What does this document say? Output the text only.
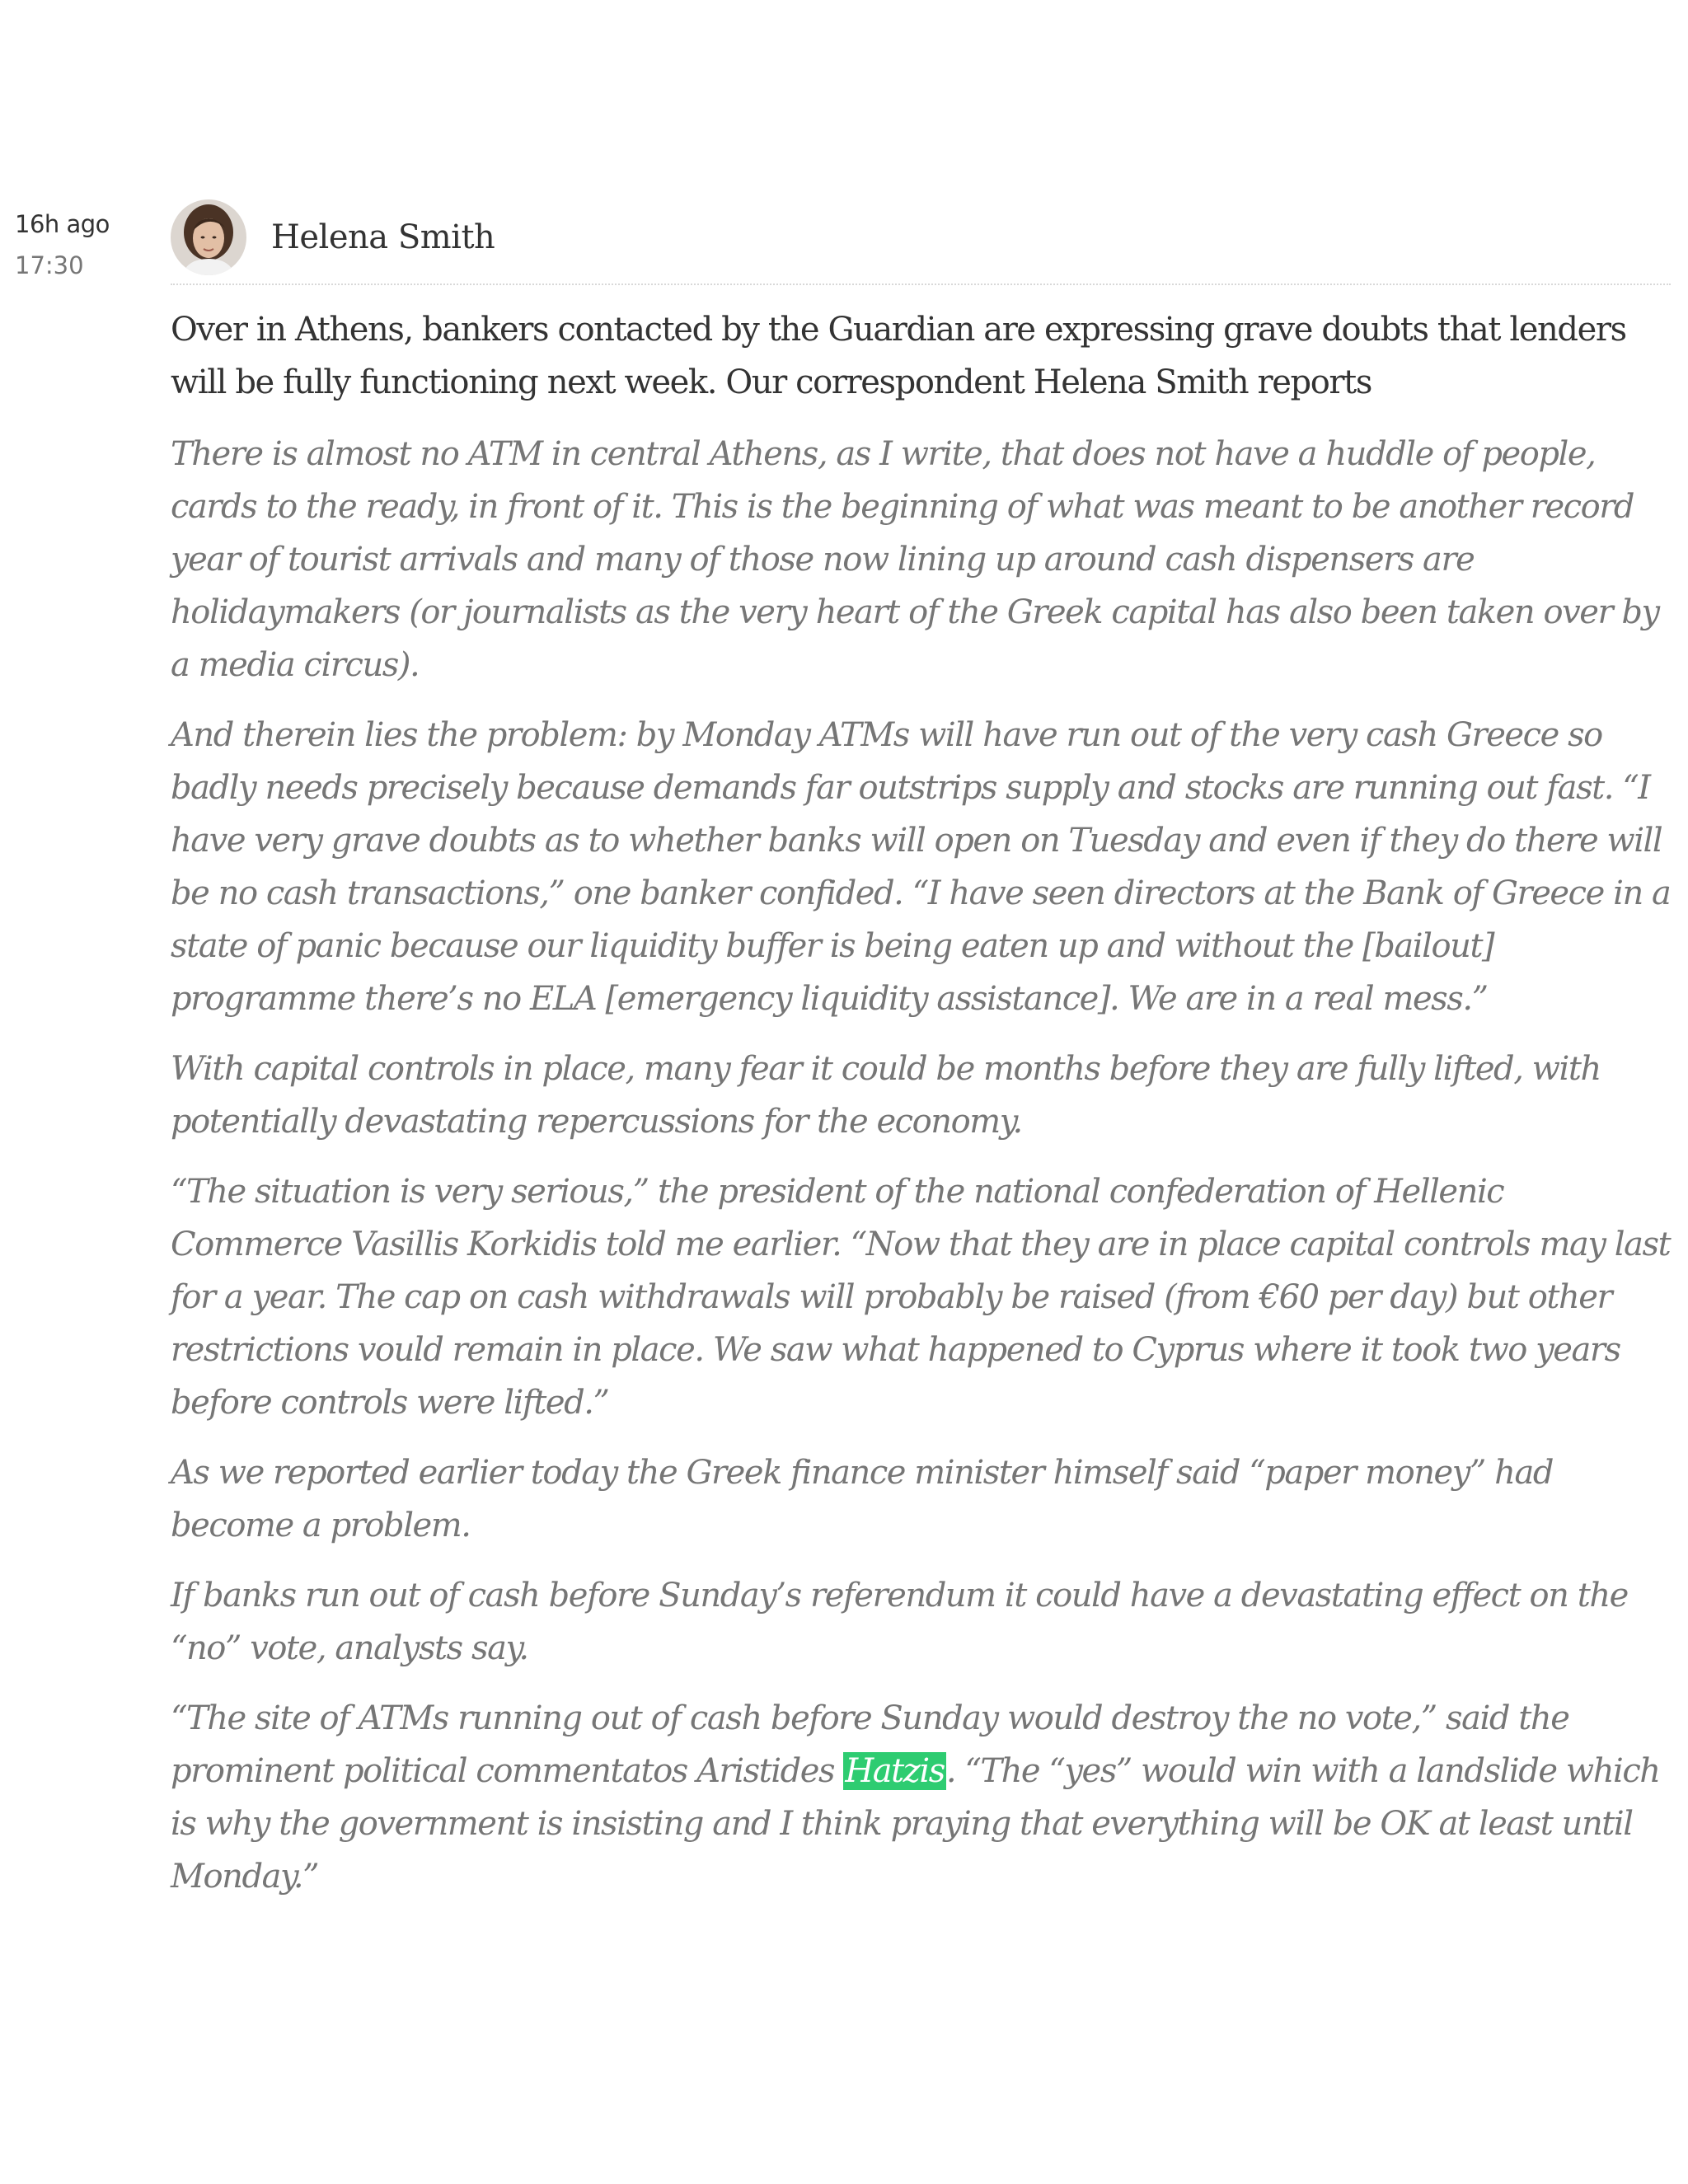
16h ago
17:30
Helena Smith

Over in Athens, bankers contacted by the Guardian are expressing grave doubts that lenders will be fully functioning next week. Our correspondent Helena Smith reports

There is almost no ATM in central Athens, as I write, that does not have a huddle of people, cards to the ready, in front of it. This is the beginning of what was meant to be another record year of tourist arrivals and many of those now lining up around cash dispensers are holidaymakers (or journalists as the very heart of the Greek capital has also been taken over by a media circus).

And therein lies the problem: by Monday ATMs will have run out of the very cash Greece so badly needs precisely because demands far outstrips supply and stocks are running out fast. “I have very grave doubts as to whether banks will open on Tuesday and even if they do there will be no cash transactions,” one banker confided. “I have seen directors at the Bank of Greece in a state of panic because our liquidity buffer is being eaten up and without the [bailout] programme there’s no ELA [emergency liquidity assistance]. We are in a real mess.”

With capital controls in place, many fear it could be months before they are fully lifted, with potentially devastating repercussions for the economy.

“The situation is very serious,” the president of the national confederation of Hellenic Commerce Vasillis Korkidis told me earlier. “Now that they are in place capital controls may last for a year. The cap on cash withdrawals will probably be raised (from €60 per day) but other restrictions vould remain in place. We saw what happened to Cyprus where it took two years before controls were lifted.”

As we reported earlier today the Greek finance minister himself said “paper money” had become a problem.

If banks run out of cash before Sunday’s referendum it could have a devastating effect on the “no” vote, analysts say.

“The site of ATMs running out of cash before Sunday would destroy the no vote,” said the prominent political commentatos Aristides Hatzis. “The “yes” would win with a landslide which is why the government is insisting and I think praying that everything will be OK at least until Monday.”
